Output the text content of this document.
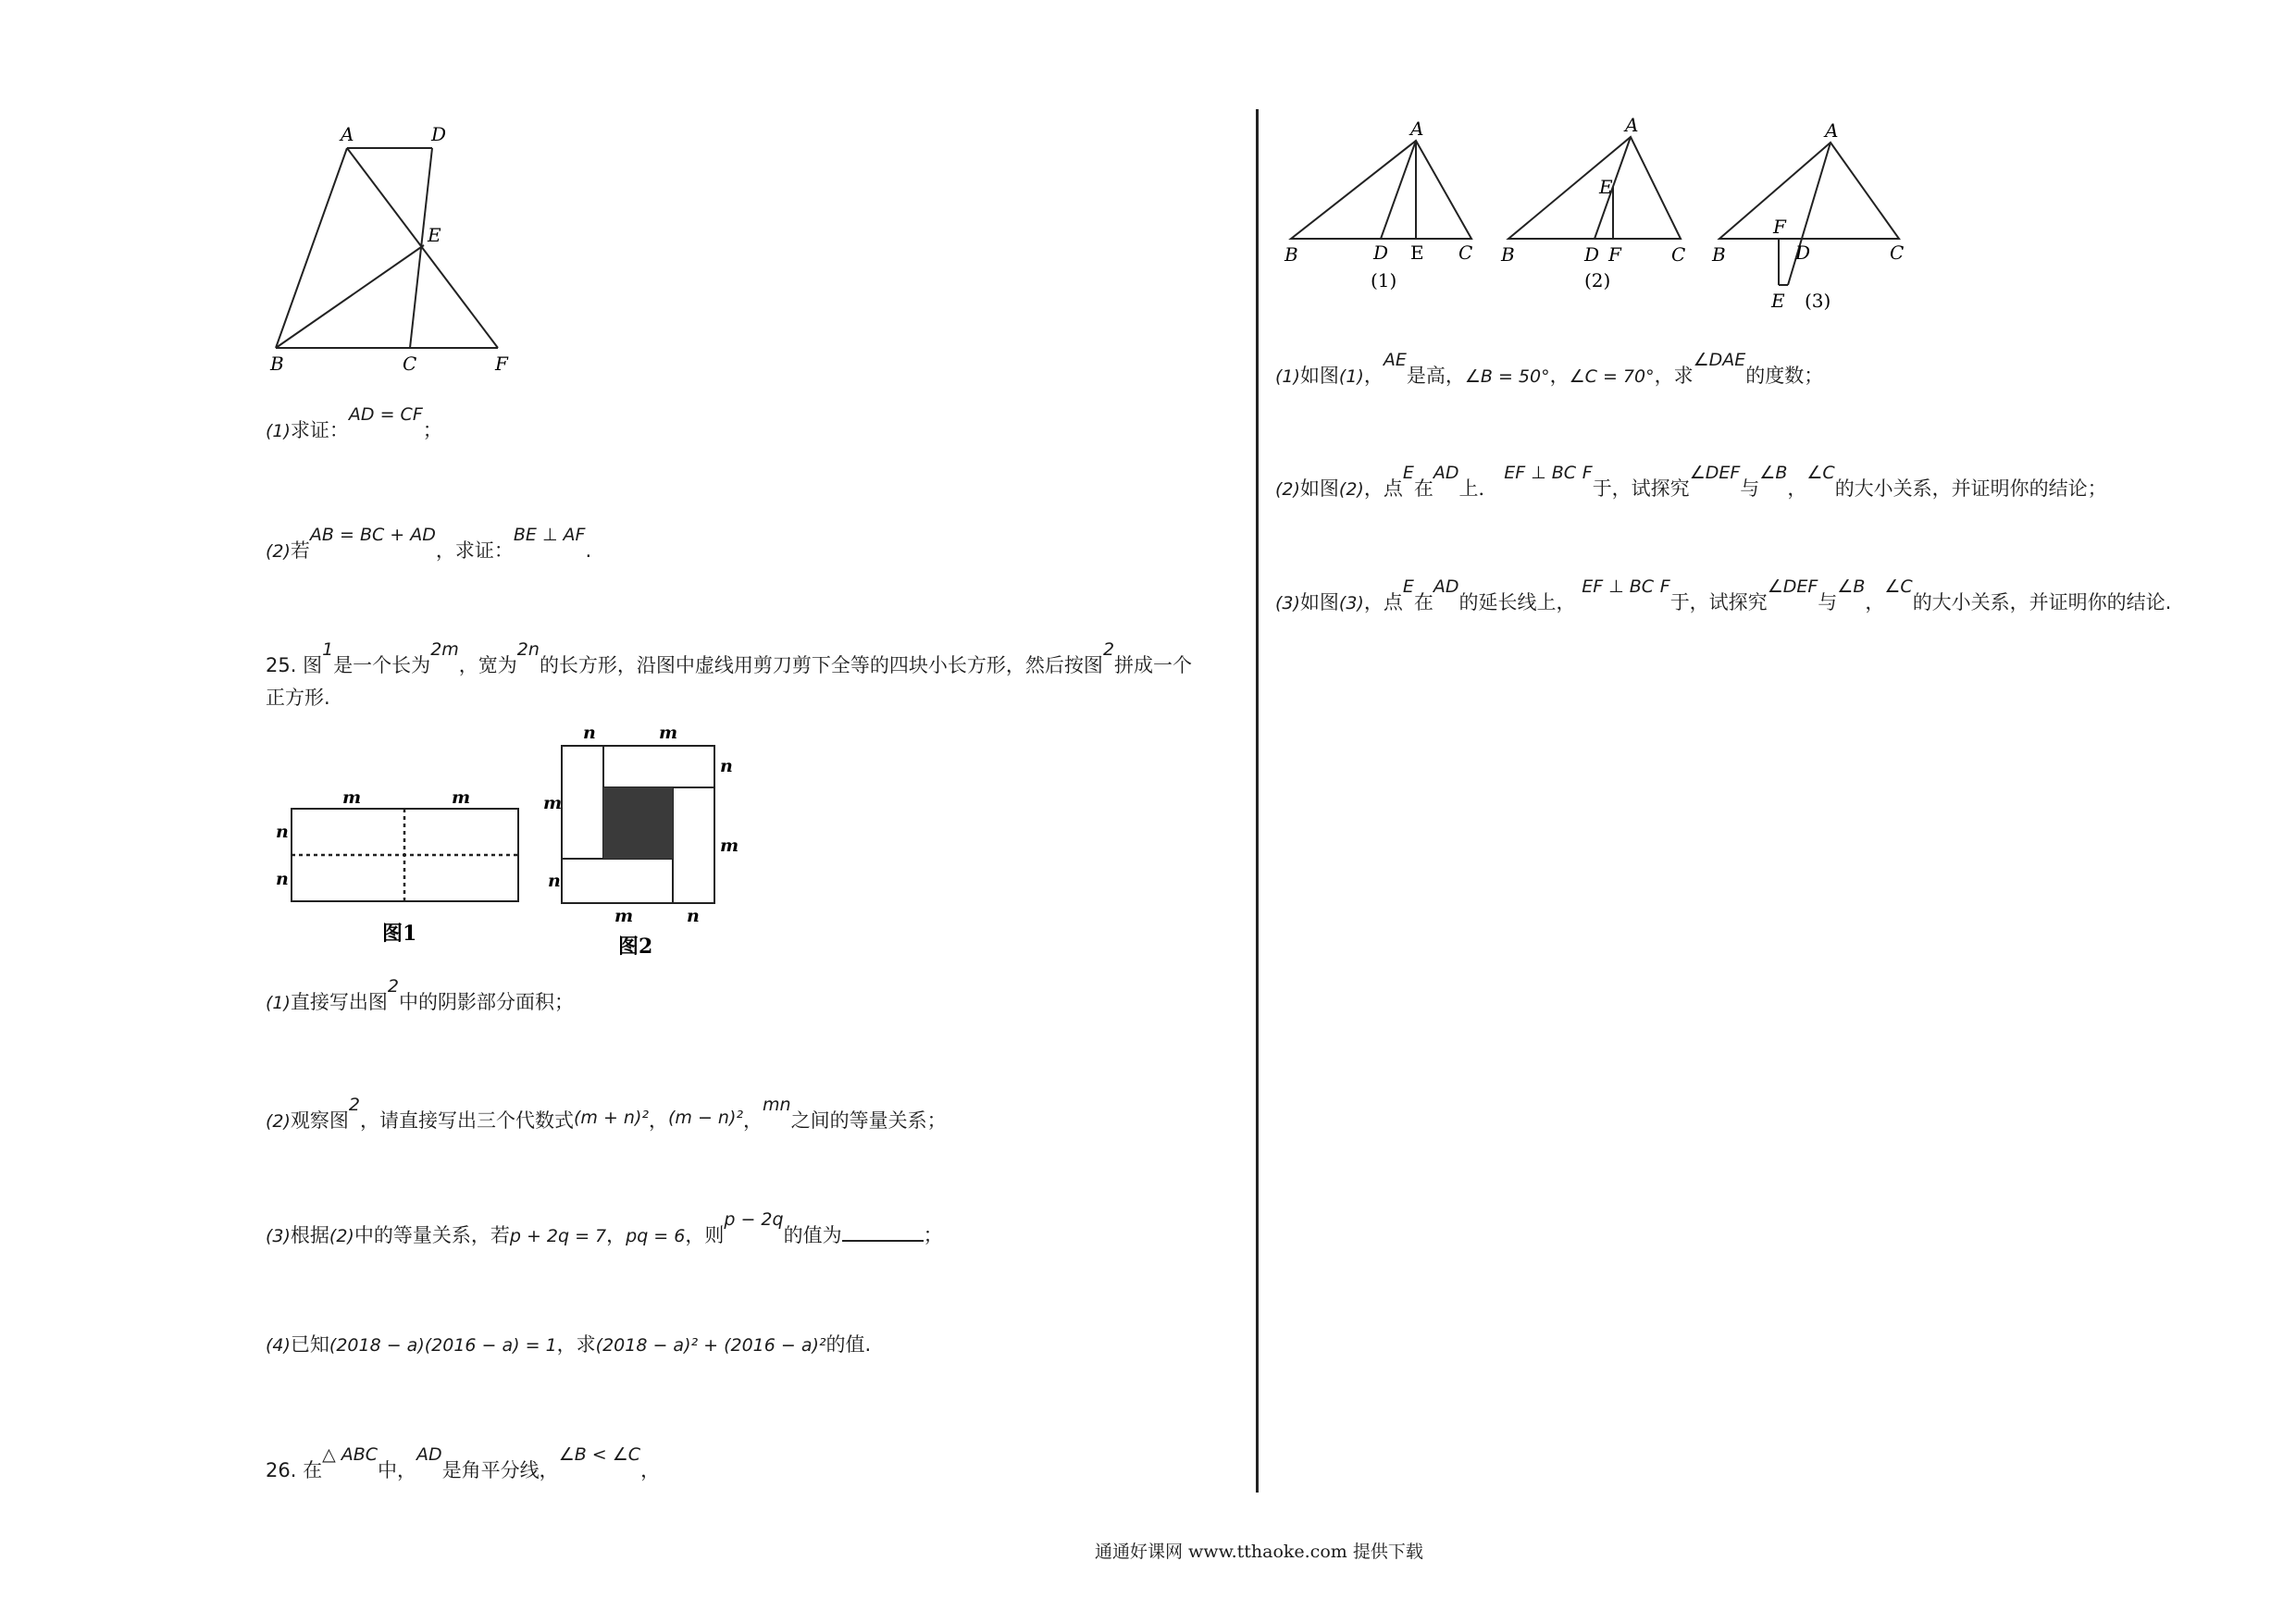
A	D
E
B	C	F
(1)求证：AD = CF；
(2)若AB = BC + AD，求证：BE ⊥ AF.
25. 图1是一个长为2m，宽为2n的长方形，沿图中虚线用剪刀剪下全等的四块小长方形，然后按图2拼成一个
正方形.
m	m
n
n
图1
n	m
n
m
m
n
m	n
图2
(1)直接写出图2中的阴影部分面积；
(2)观察图2，请直接写出三个代数式(m + n)²，(m − n)²，mn之间的等量关系；
(3)根据(2)中的等量关系，若p + 2q = 7，pq = 6，则p − 2q的值为	；
(4)已知(2018 − a)(2016 − a) = 1，求(2018 − a)² + (2016 − a)²的值.
26. 在△ ABC中，AD是角平分线，∠B < ∠C，
A
B	D E C
(1)
A
E
B	D F	C
(2)
A
F
B	D	C
E (3)
(1)如图(1)，AE是高，∠B = 50°，∠C = 70°，求∠DAE的度数；
(2)如图(2)，点E在AD上． EF ⊥ BC F于，试探究∠DEF与∠B，∠C的大小关系，并证明你的结论；
(3)如图(3)，点E在AD的延长线上， EF ⊥ BC F于，试探究∠DEF与∠B，∠C的大小关系，并证明你的结论.
通通好课网 www.tthaoke.com 提供下载
